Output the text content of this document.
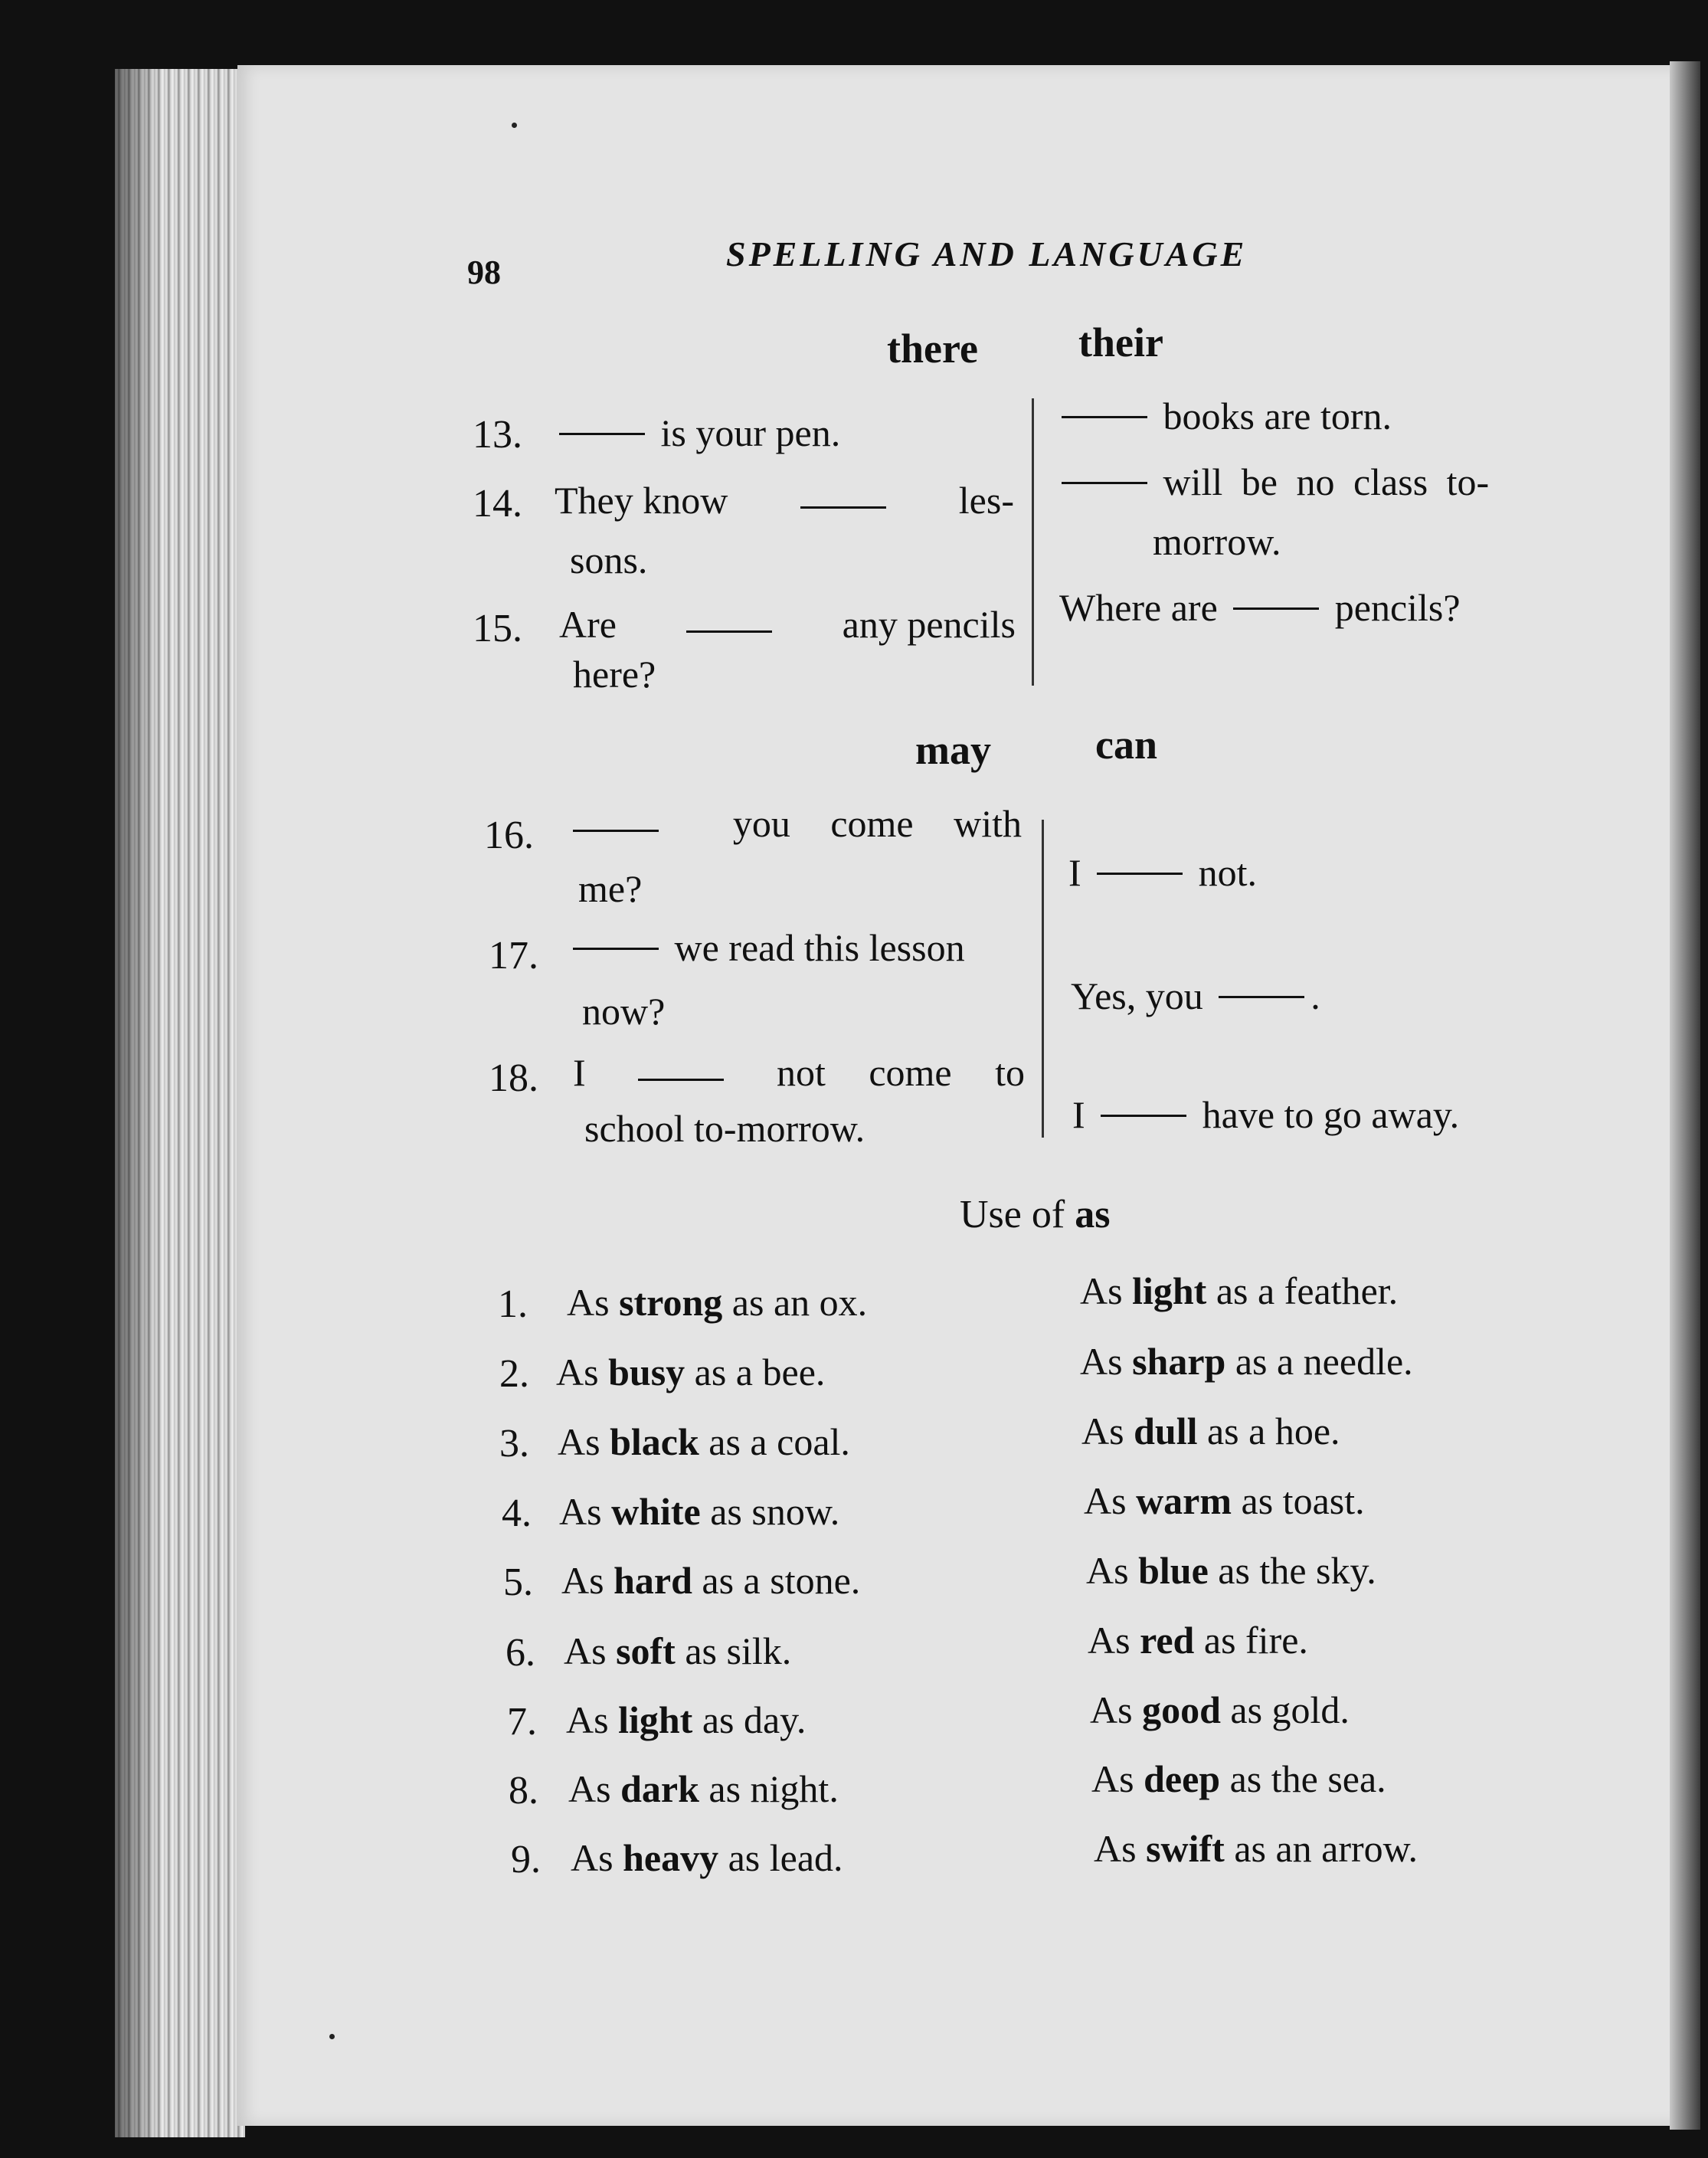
98	SPELLING AND LANGUAGE
there their
13.	is your pen.
14. They know	les-
sons.
15. Are	any pencils
here?
books are torn.
will be no class to-
morrow.
Where are	pencils?
may	can
16.	you come with
me?
17.	we read this lesson
now?
18. I	not come to
school to-morrow.
I	not.
Yes, you	.
I	have to go away.
Use of as
1. As strong as an ox.
2. As busy as a bee.
3. As black as a coal.
4. As white as snow.
5. As hard as a stone.
6. As soft as silk.
7. As light as day.
8. As dark as night.
9. As heavy as lead.
As light as a feather.
As sharp as a needle.
As dull as a hoe.
As warm as toast.
As blue as the sky.
As red as fire.
As good as gold.
As deep as the sea.
As swift as an arrow.
